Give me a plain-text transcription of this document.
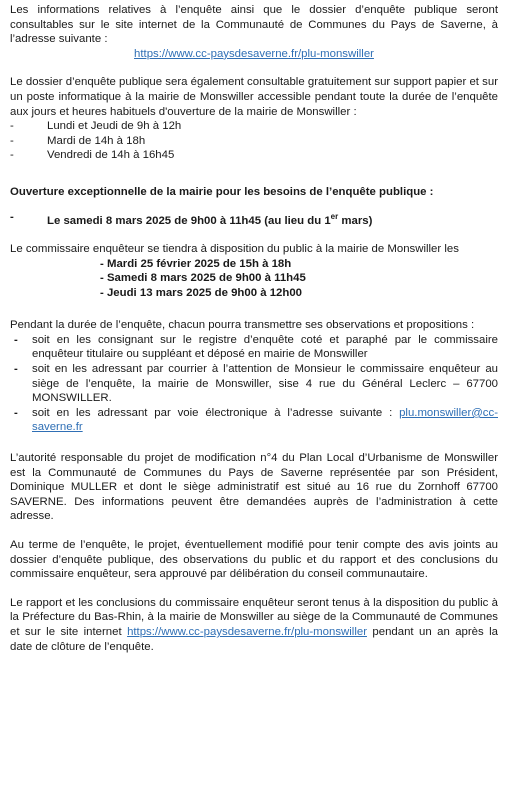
Les informations relatives à l’enquête ainsi que le dossier d’enquête publique seront consultables sur le site internet de la Communauté de Communes du Pays de Saverne, à l’adresse suivante :

https://www.cc-paysdesaverne.fr/plu-monswiller

Le dossier d’enquête publique sera également consultable gratuitement sur support papier et sur un poste informatique à la mairie de Monswiller accessible pendant toute la durée de l’enquête aux jours et heures habituels d'ouverture de la mairie de Monswiller :

-	Lundi et Jeudi de 9h à 12h
-	Mardi de 14h à 18h
-	Vendredi de 14h à 16h45

Ouverture exceptionnelle de la mairie pour les besoins de l’enquête publique :

-	Le samedi 8 mars 2025 de 9h00 à 11h45 (au lieu du 1er mars)

Le commissaire enquêteur se tiendra à disposition du public à la mairie de Monswiller les

- Mardi 25 février 2025 de 15h à 18h
- Samedi 8 mars 2025 de 9h00 à 11h45
- Jeudi 13 mars 2025 de 9h00 à 12h00

Pendant la durée de l’enquête, chacun pourra transmettre ses observations et propositions :

- soit en les consignant sur le registre d’enquête coté et paraphé par le commissaire enquêteur titulaire ou suppléant et déposé en mairie de Monswiller
- soit en les adressant par courrier à l’attention de Monsieur le commissaire enquêteur au siège de l’enquête, la mairie de Monswiller, sise 4 rue du Général Leclerc – 67700 MONSWILLER.
- soit en les adressant par voie électronique à l’adresse suivante : plu.monswiller@cc-saverne.fr

L’autorité responsable du projet de modification n°4 du Plan Local d’Urbanisme de Monswiller est la Communauté de Communes du Pays de Saverne représentée par son Président, Dominique MULLER et dont le siège administratif est situé au 16 rue du Zornhoff 67700 SAVERNE. Des informations peuvent être demandées auprès de l’administration à cette adresse.

Au terme de l’enquête, le projet, éventuellement modifié pour tenir compte des avis joints au dossier d’enquête publique, des observations du public et du rapport et des conclusions du commissaire enquêteur, sera approuvé par délibération du conseil communautaire.

Le rapport et les conclusions du commissaire enquêteur seront tenus à la disposition du public à la Préfecture du Bas-Rhin, à la mairie de Monswiller au siège de la Communauté de Communes et sur le site internet https://www.cc-paysdesaverne.fr/plu-monswiller pendant un an après la date de clôture de l’enquête.
